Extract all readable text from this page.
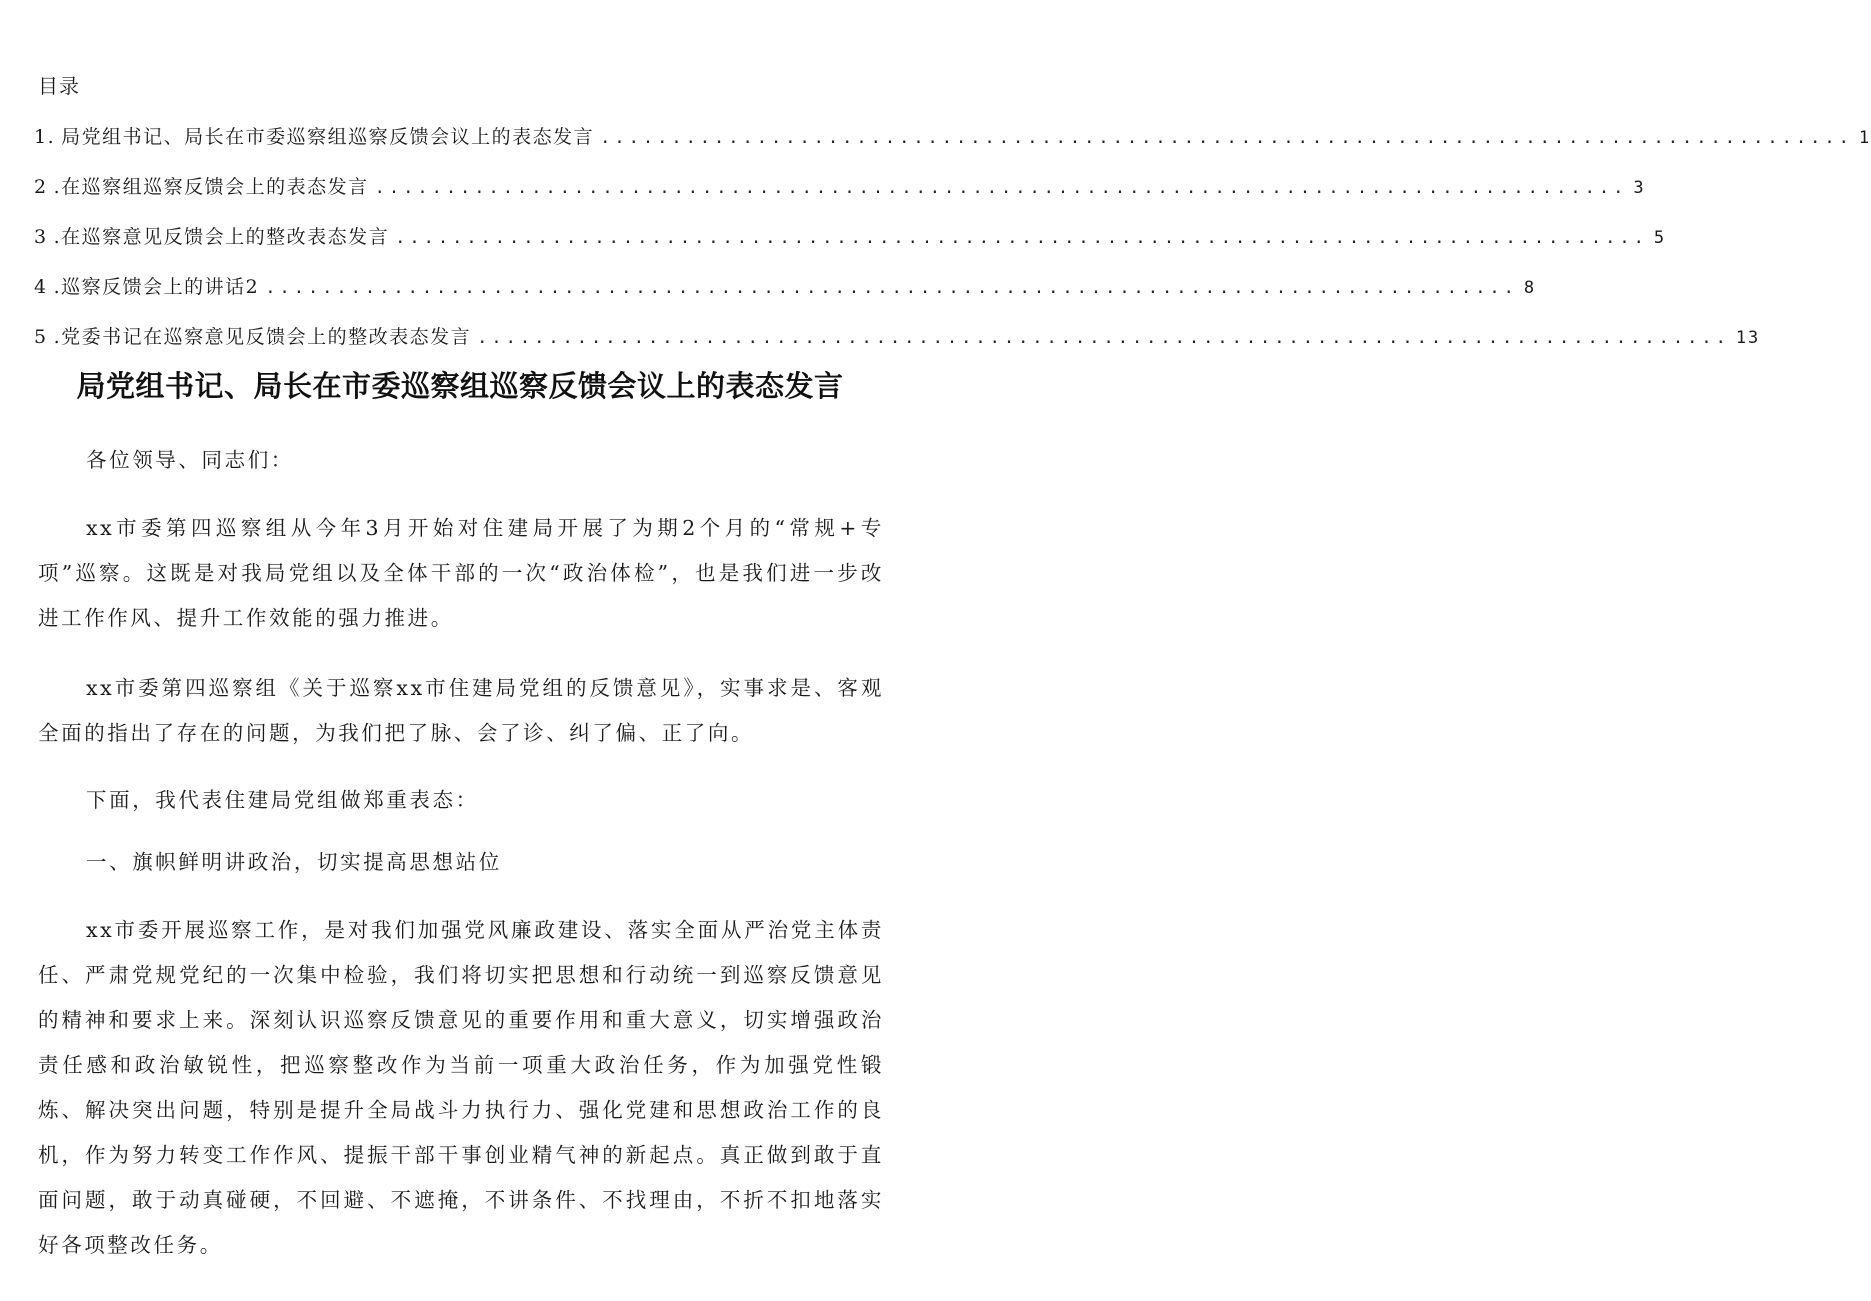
目录
1. 局党组书记、局长在市委巡察组巡察反馈会议上的表态发言 ........................................................................................ 1
2 .在巡察组巡察反馈会上的表态发言 ........................................................................................ 3
3 .在巡察意见反馈会上的整改表态发言 ........................................................................................ 5
4 .巡察反馈会上的讲话2 ........................................................................................ 8
5 .党委书记在巡察意见反馈会上的整改表态发言 ........................................................................................ 13
局党组书记、局长在市委巡察组巡察反馈会议上的表态发言

各位领导、同志们：

xx市委第四巡察组从今年3月开始对住建局开展了为期2个月的“常规+专项”巡察。这既是对我局党组以及全体干部的一次“政治体检”，也是我们进一步改进工作作风、提升工作效能的强力推进。

xx市委第四巡察组《关于巡察xx市住建局党组的反馈意见》，实事求是、客观全面的指出了存在的问题，为我们把了脉、会了诊、纠了偏、正了向。

下面，我代表住建局党组做郑重表态：

一、旗帜鲜明讲政治，切实提高思想站位

xx市委开展巡察工作，是对我们加强党风廉政建设、落实全面从严治党主体责任、严肃党规党纪的一次集中检验，我们将切实把思想和行动统一到巡察反馈意见的精神和要求上来。深刻认识巡察反馈意见的重要作用和重大意义，切实增强政治责任感和政治敏锐性，把巡察整改作为当前一项重大政治任务，作为加强党性锻炼、解决突出问题，特别是提升全局战斗力执行力、强化党建和思想政治工作的良机，作为努力转变工作作风、提振干部干事创业精气神的新起点。真正做到敢于直面问题，敢于动真碰硬，不回避、不遮掩，不讲条件、不找理由，不折不扣地落实好各项整改任务。
